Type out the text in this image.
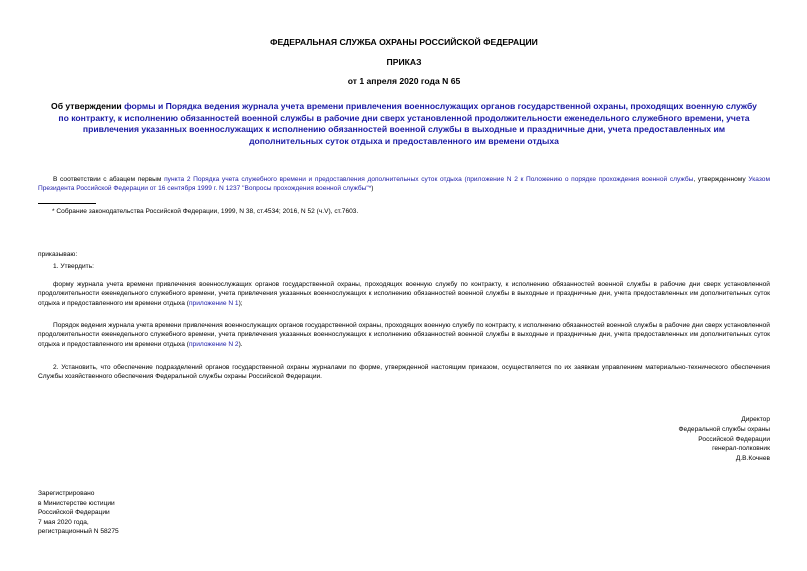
ФЕДЕРАЛЬНАЯ СЛУЖБА ОХРАНЫ РОССИЙСКОЙ ФЕДЕРАЦИИ
ПРИКАЗ
от 1 апреля 2020 года N 65
Об утверждении формы и Порядка ведения журнала учета времени привлечения военнослужащих органов государственной охраны, проходящих военную службу по контракту, к исполнению обязанностей военной службы в рабочие дни сверх установленной продолжительности еженедельного служебного времени, учета привлечения указанных военнослужащих к исполнению обязанностей военной службы в выходные и праздничные дни, учета предоставленных им дополнительных суток отдыха и предоставленного им времени отдыха
В соответствии с абзацем первым пункта 2 Порядка учета служебного времени и предоставления дополнительных суток отдыха (приложение N 2 к Положению о порядке прохождения военной службы, утвержденному Указом Президента Российской Федерации от 16 сентября 1999 г. N 1237 "Вопросы прохождения военной службы"*)
* Собрание законодательства Российской Федерации, 1999, N 38, ст.4534; 2016, N 52 (ч.V), ст.7603.
приказываю:
1. Утвердить:
форму журнала учета времени привлечения военнослужащих органов государственной охраны, проходящих военную службу по контракту, к исполнению обязанностей военной службы в рабочие дни сверх установленной продолжительности еженедельного служебного времени, учета привлечения указанных военнослужащих к исполнению обязанностей военной службы в выходные и праздничные дни, учета предоставленных им дополнительных суток отдыха и предоставленного им времени отдыха (приложение N 1);
Порядок ведения журнала учета времени привлечения военнослужащих органов государственной охраны, проходящих военную службу по контракту, к исполнению обязанностей военной службы в рабочие дни сверх установленной продолжительности еженедельного служебного времени, учета привлечения указанных военнослужащих к исполнению обязанностей военной службы в выходные и праздничные дни, учета предоставленных им дополнительных суток отдыха и предоставленного им времени отдыха (приложение N 2).
2. Установить, что обеспечение подразделений органов государственной охраны журналами по форме, утвержденной настоящим приказом, осуществляется по их заявкам управлением материально-технического обеспечения Службы хозяйственного обеспечения Федеральной службы охраны Российской Федерации.
Директор
Федеральной службы охраны
Российской Федерации
генерал-полковник
Д.В.Кочнев
Зарегистрировано
в Министерстве юстиции
Российской Федерации
7 мая 2020 года,
регистрационный N 58275
